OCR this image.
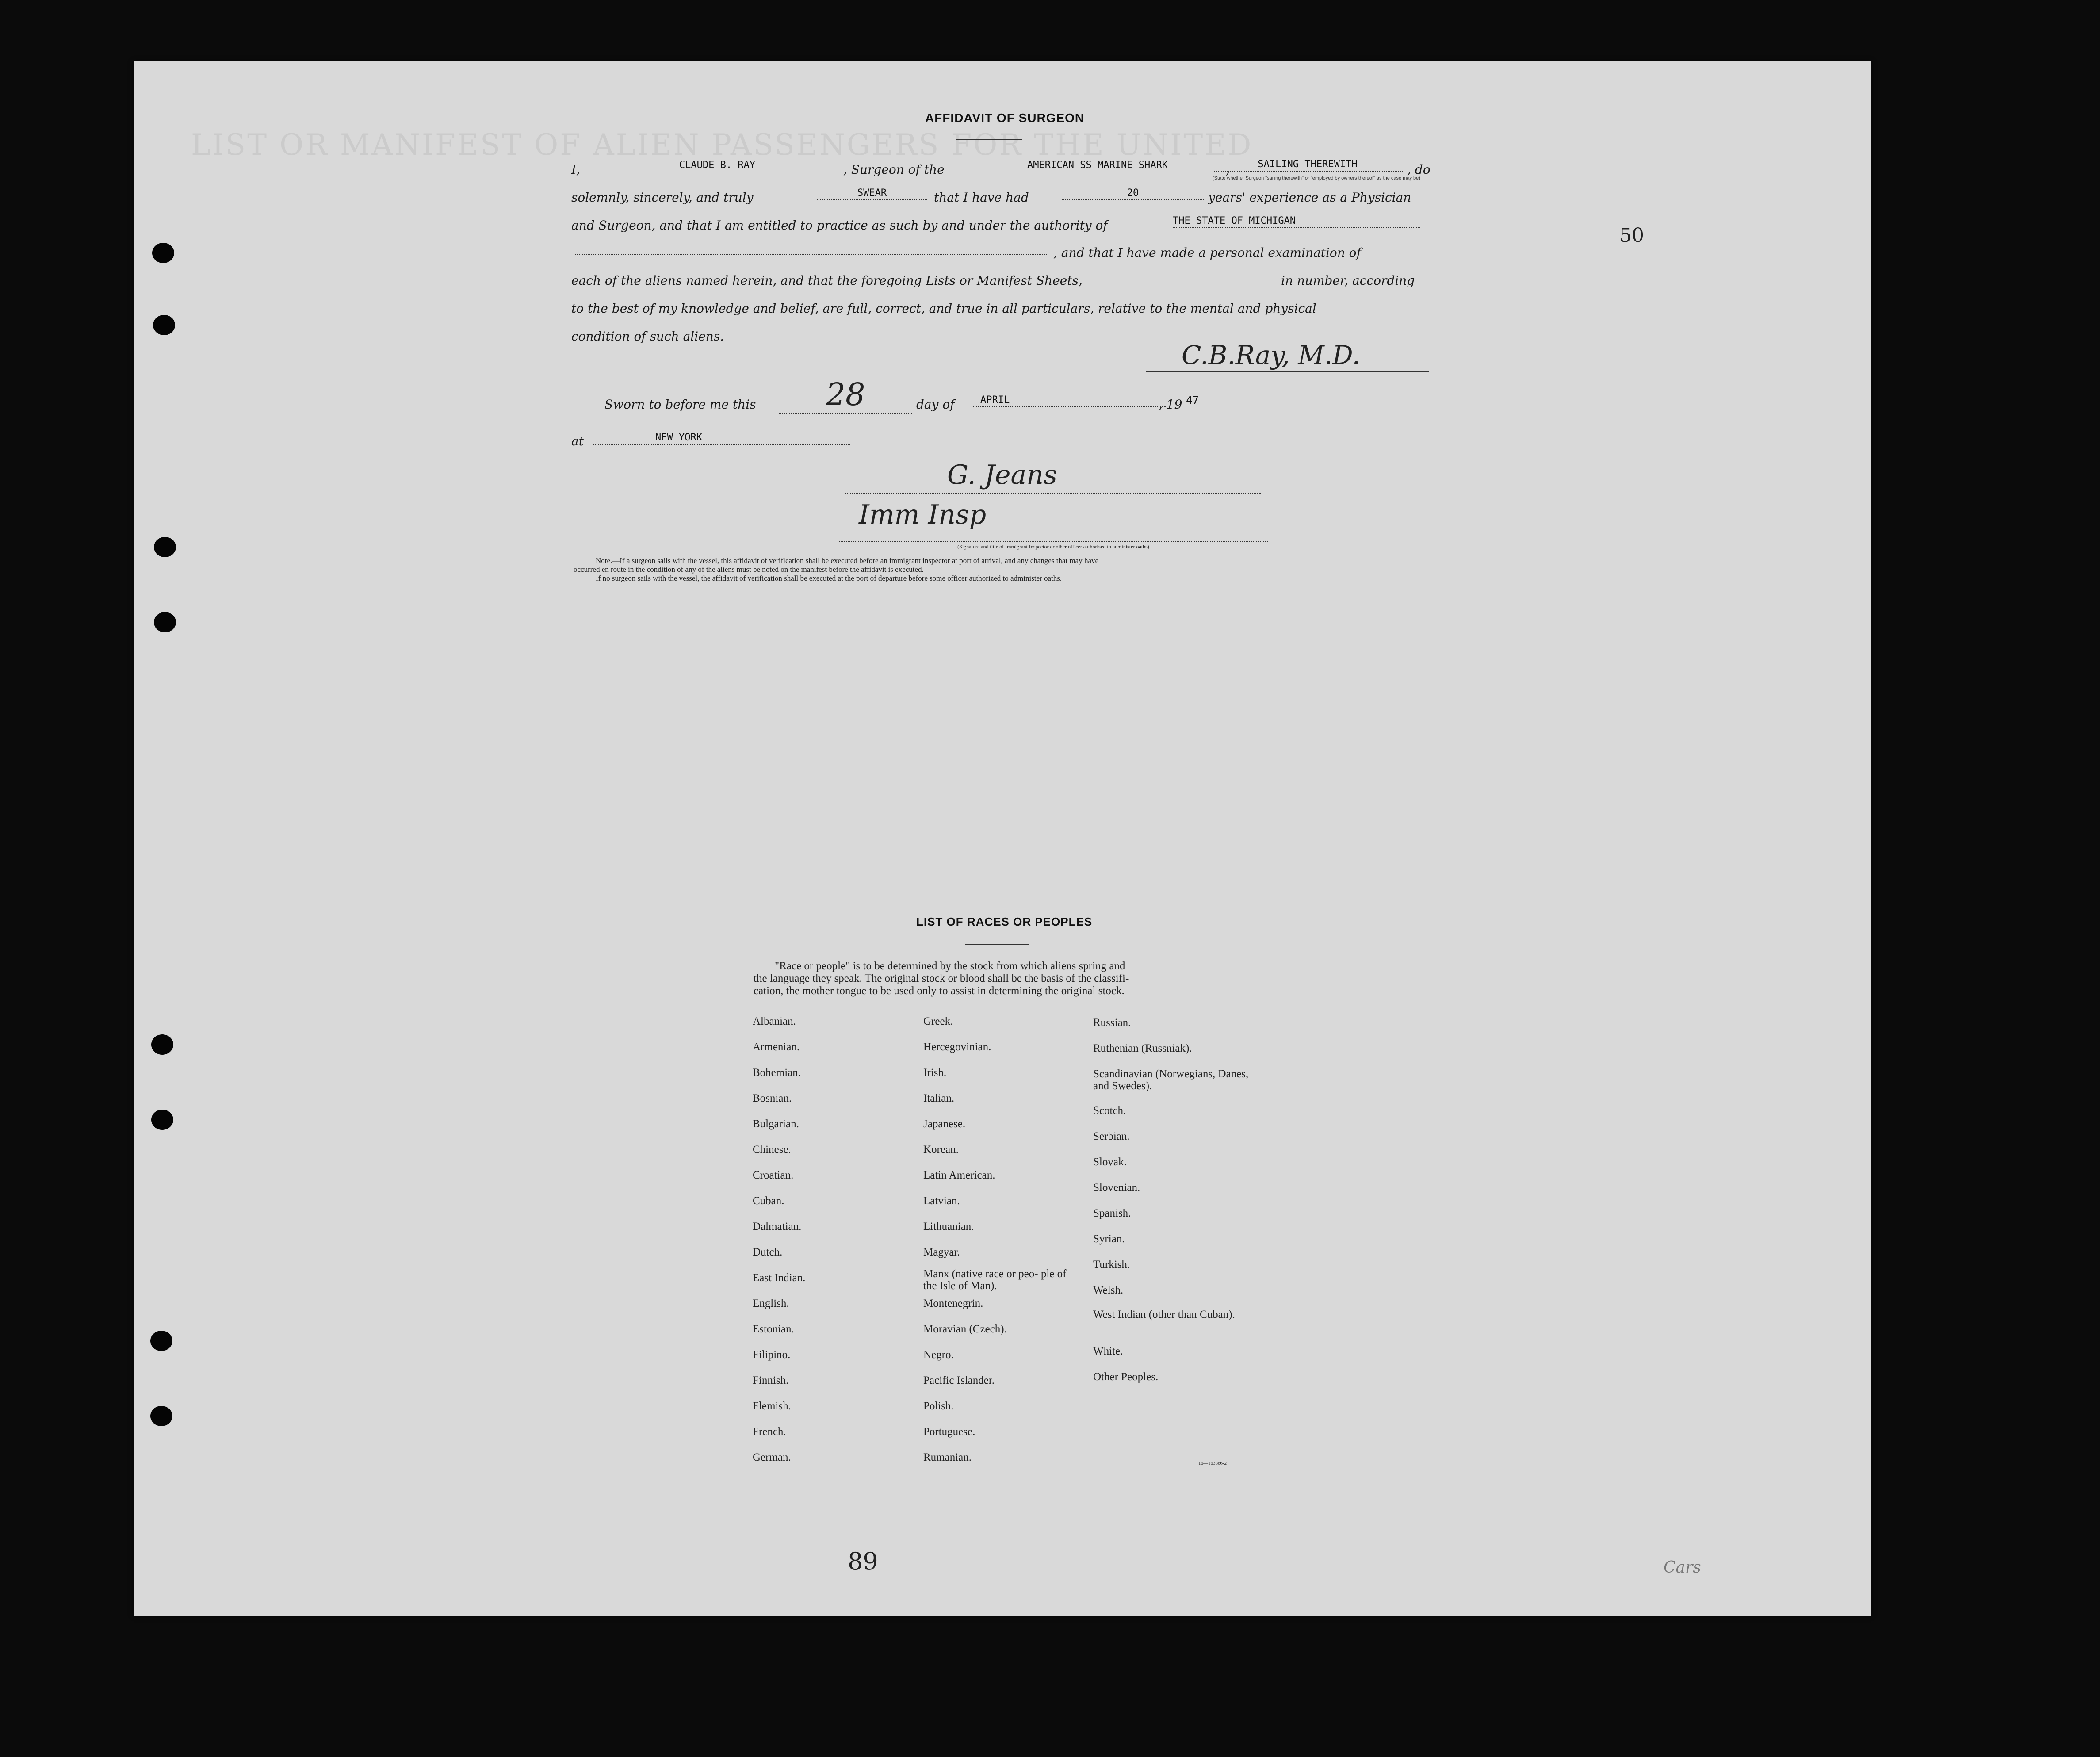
LIST OR MANIFEST OF ALIEN PASSENGERS FOR THE UNITED
50
AFFIDAVIT OF SURGEON
I,	CLAUDE B. RAY	, Surgeon of the	AMERICAN SS MARINE SHARK	,	SAILING THEREWITH
(State whether Surgeon "sailing therewith" or "employed by owners thereof" as the case may be)
, do
solemnly, sincerely, and truly	SWEAR	that I have had	20	years' experience as a Physician
and Surgeon, and that I am entitled to practice as such by and under the authority of	THE STATE OF MICHIGAN
, and that I have made a personal examination of
each of the aliens named herein, and that the foregoing Lists or Manifest Sheets,	in number, according
to the best of my knowledge and belief, are full, correct, and true in all particulars, relative to the mental and physical
condition of such aliens.
C.B.Ray, M.D.
Sworn to before me this	28	day of	APRIL	, 19 47
at	NEW YORK
G. Jeans
Imm Insp
(Signature and title of Immigrant Inspector or other officer authorized to administer oaths)
Note.—If a surgeon sails with the vessel, this affidavit of verification shall be executed before an immigrant inspector at port of arrival, and any changes that may have
occurred en route in the condition of any of the aliens must be noted on the manifest before the affidavit is executed.
If no surgeon sails with the vessel, the affidavit of verification shall be executed at the port of departure before some officer authorized to administer oaths.
LIST OF RACES OR PEOPLES
"Race or people" is to be determined by the stock from which aliens spring and
the language they speak. The original stock or blood shall be the basis of the classifi-
cation, the mother tongue to be used only to assist in determining the original stock.
Albanian.
Armenian.
Bohemian.
Bosnian.
Bulgarian.
Chinese.
Croatian.
Cuban.
Dalmatian.
Dutch.
East Indian.
English.
Estonian.
Filipino.
Finnish.
Flemish.
French.
German.
Greek.
Hercegovinian.
Irish.
Italian.
Japanese.
Korean.
Latin American.
Latvian.
Lithuanian.
Magyar.
Manx (native race or peo- ple of the Isle of Man).
Montenegrin.
Moravian (Czech).
Negro.
Pacific Islander.
Polish.
Portuguese.
Rumanian.
Russian.
Ruthenian (Russniak).
Scandinavian (Norwegians, Danes, and Swedes).
Scotch.
Serbian.
Slovak.
Slovenian.
Spanish.
Syrian.
Turkish.
Welsh.
West Indian (other than Cuban).
White.
Other Peoples.
16—163866-2
89	Cars
